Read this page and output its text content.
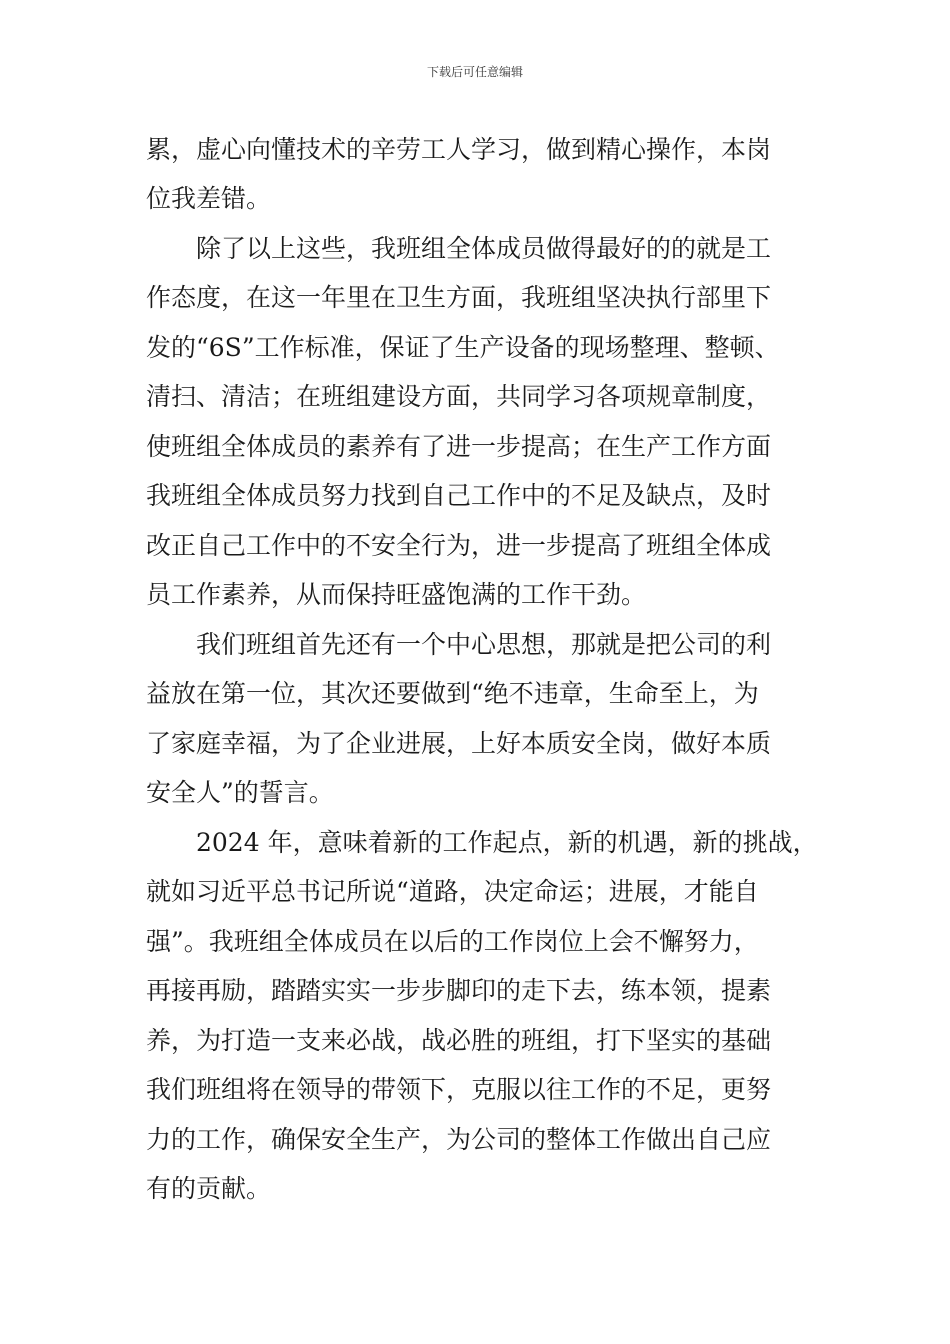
下载后可任意编辑
累，虚心向懂技术的辛劳工人学习，做到精心操作，本岗
位我差错。
除了以上这些，我班组全体成员做得最好的的就是工
作态度，在这一年里在卫生方面，我班组坚决执行部里下
发的“6S”工作标准，保证了生产设备的现场整理、整顿、
清扫、清洁；在班组建设方面，共同学习各项规章制度，
使班组全体成员的素养有了进一步提高；在生产工作方面
我班组全体成员努力找到自己工作中的不足及缺点，及时
改正自己工作中的不安全行为，进一步提高了班组全体成
员工作素养，从而保持旺盛饱满的工作干劲。
我们班组首先还有一个中心思想，那就是把公司的利
益放在第一位，其次还要做到“绝不违章，生命至上，为
了家庭幸福，为了企业进展，上好本质安全岗，做好本质
安全人”的誓言。
2024 年，意味着新的工作起点，新的机遇，新的挑战，
就如习近平总书记所说“道路，决定命运；进展，才能自
强”。我班组全体成员在以后的工作岗位上会不懈努力，
再接再励，踏踏实实一步步脚印的走下去，练本领，提素
养，为打造一支来必战，战必胜的班组，打下坚实的基础
我们班组将在领导的带领下，克服以往工作的不足，更努
力的工作，确保安全生产，为公司的整体工作做出自己应
有的贡献。
